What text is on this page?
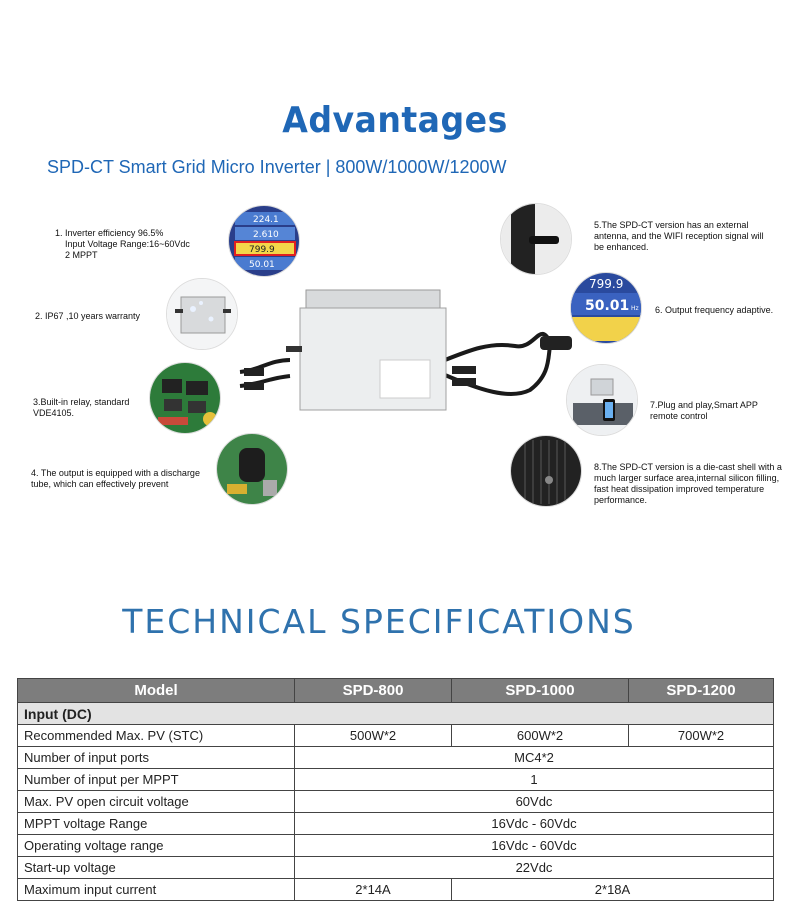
Advantages
SPD-CT Smart Grid Micro Inverter | 800W/1000W/1200W
224.1
2.610
799.9
50.01
799.9
50.01 Hz
1. Inverter efficiency 96.5%
Input Voltage Range:16~60Vdc
2 MPPT
2. IP67 ,10 years warranty
3.Built-in relay, standard
VDE4105.
4. The output is equipped with a discharge
tube, which can effectively prevent
5.The SPD-CT version has an external
antenna, and the WIFI reception signal will
be enhanced.
6. Output frequency adaptive.
7.Plug and play,Smart APP
remote control
8.The SPD-CT version is a die-cast shell with a
much larger surface area,internal silicon filling,
fast heat dissipation improved temperature
performance.
TECHNICAL SPECIFICATIONS
Model	SPD-800	SPD-1000	SPD-1200
Input (DC)			
Recommended Max. PV (STC)	500W*2	600W*2	700W*2
Number of input ports	MC4*2		
Number of input per MPPT	1		
Max. PV open circuit voltage	60Vdc		
MPPT voltage Range	16Vdc - 60Vdc		
Operating voltage range	16Vdc - 60Vdc		
Start-up voltage	22Vdc		
Maximum input current	2*14A	2*18A	
